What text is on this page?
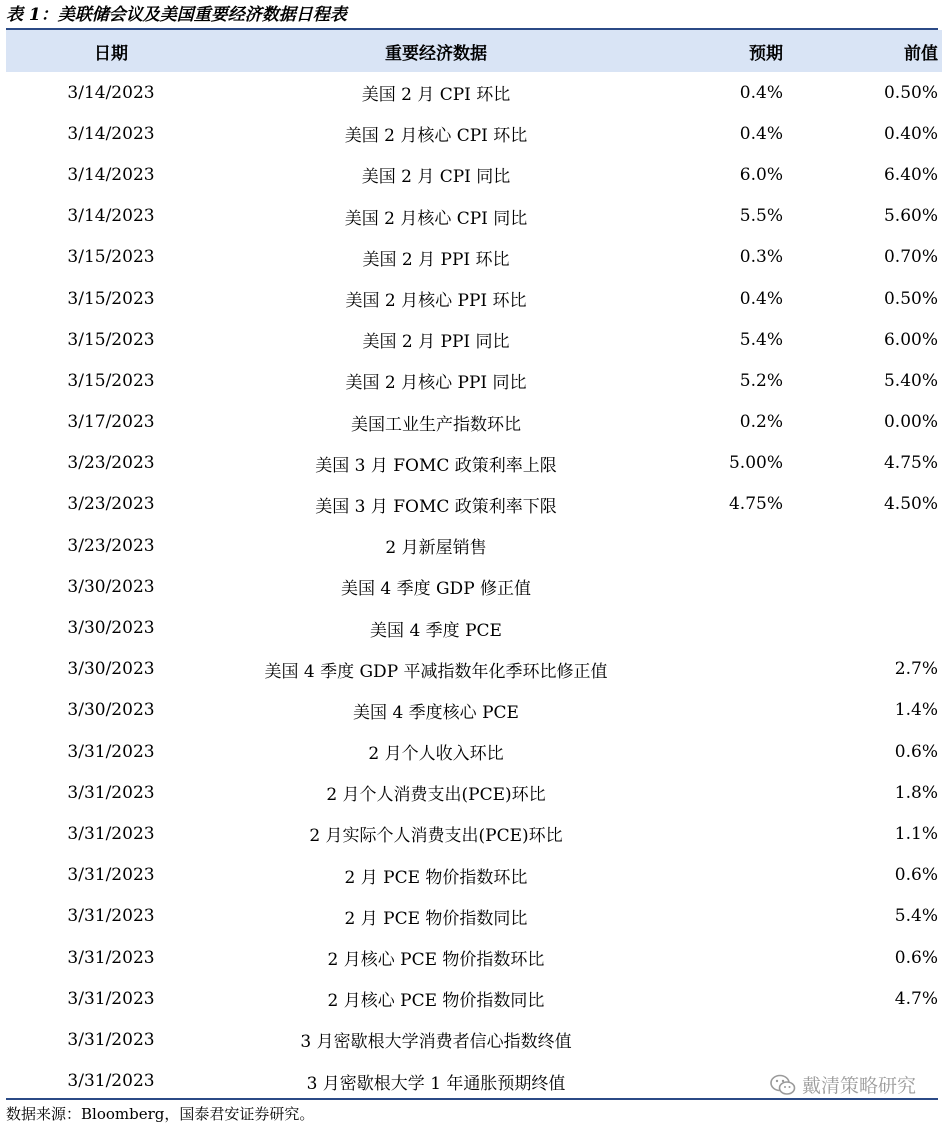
表 1：美联储会议及美国重要经济数据日程表
日期	重要经济数据	预期	前值
3/14/2023	美国 2 月 CPI 环比	0.4%	0.50%
3/14/2023	美国 2 月核心 CPI 环比	0.4%	0.40%
3/14/2023	美国 2 月 CPI 同比	6.0%	6.40%
3/14/2023	美国 2 月核心 CPI 同比	5.5%	5.60%
3/15/2023	美国 2 月 PPI 环比	0.3%	0.70%
3/15/2023	美国 2 月核心 PPI 环比	0.4%	0.50%
3/15/2023	美国 2 月 PPI 同比	5.4%	6.00%
3/15/2023	美国 2 月核心 PPI 同比	5.2%	5.40%
3/17/2023	美国工业生产指数环比	0.2%	0.00%
3/23/2023	美国 3 月 FOMC 政策利率上限	5.00%	4.75%
3/23/2023	美国 3 月 FOMC 政策利率下限	4.75%	4.50%
3/23/2023	2 月新屋销售		
3/30/2023	美国 4 季度 GDP 修正值		
3/30/2023	美国 4 季度 PCE		
3/30/2023	美国 4 季度 GDP 平减指数年化季环比修正值		2.7%
3/30/2023	美国 4 季度核心 PCE		1.4%
3/31/2023	2 月个人收入环比		0.6%
3/31/2023	2 月个人消费支出(PCE)环比		1.8%
3/31/2023	2 月实际个人消费支出(PCE)环比		1.1%
3/31/2023	2 月 PCE 物价指数环比		0.6%
3/31/2023	2 月 PCE 物价指数同比		5.4%
3/31/2023	2 月核心 PCE 物价指数环比		0.6%
3/31/2023	2 月核心 PCE 物价指数同比		4.7%
3/31/2023	3 月密歇根大学消费者信心指数终值		
3/31/2023	3 月密歇根大学 1 年通胀预期终值		
数据来源：Bloomberg，国泰君安证券研究。
戴清策略研究
